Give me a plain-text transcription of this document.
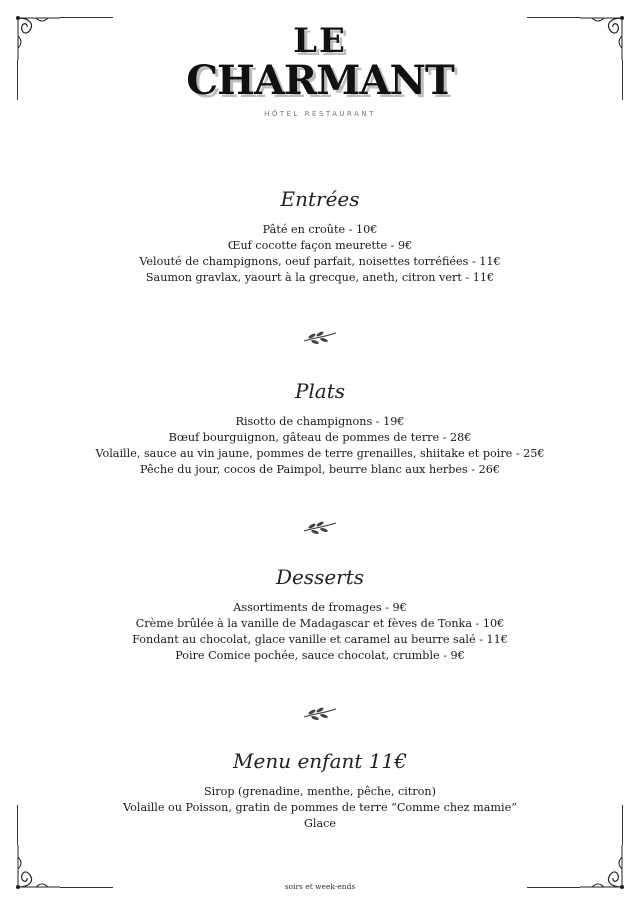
LE
CHARMANT
HÔTEL RESTAURANT
Entrées
Pâté en croûte - 10€
Œuf cocotte façon meurette - 9€
Velouté de champignons, oeuf parfait, noisettes torréfiées - 11€
Saumon gravlax, yaourt à la grecque, aneth, citron vert - 11€
Plats
Risotto de champignons - 19€
Bœuf bourguignon, gâteau de pommes de terre - 28€
Volaille, sauce au vin jaune, pommes de terre grenailles, shiitake et poire - 25€
Pêche du jour, cocos de Paimpol, beurre blanc aux herbes - 26€
Desserts
Assortiments de fromages - 9€
Crème brûlée à la vanille de Madagascar et fèves de Tonka - 10€
Fondant au chocolat, glace vanille et caramel au beurre salé - 11€
Poire Comice pochée, sauce chocolat, crumble - 9€
Menu enfant 11€
Sirop (grenadine, menthe, pêche, citron)
Volaille ou Poisson, gratin de pommes de terre “Comme chez mamie”
Glace
soirs et week-ends
